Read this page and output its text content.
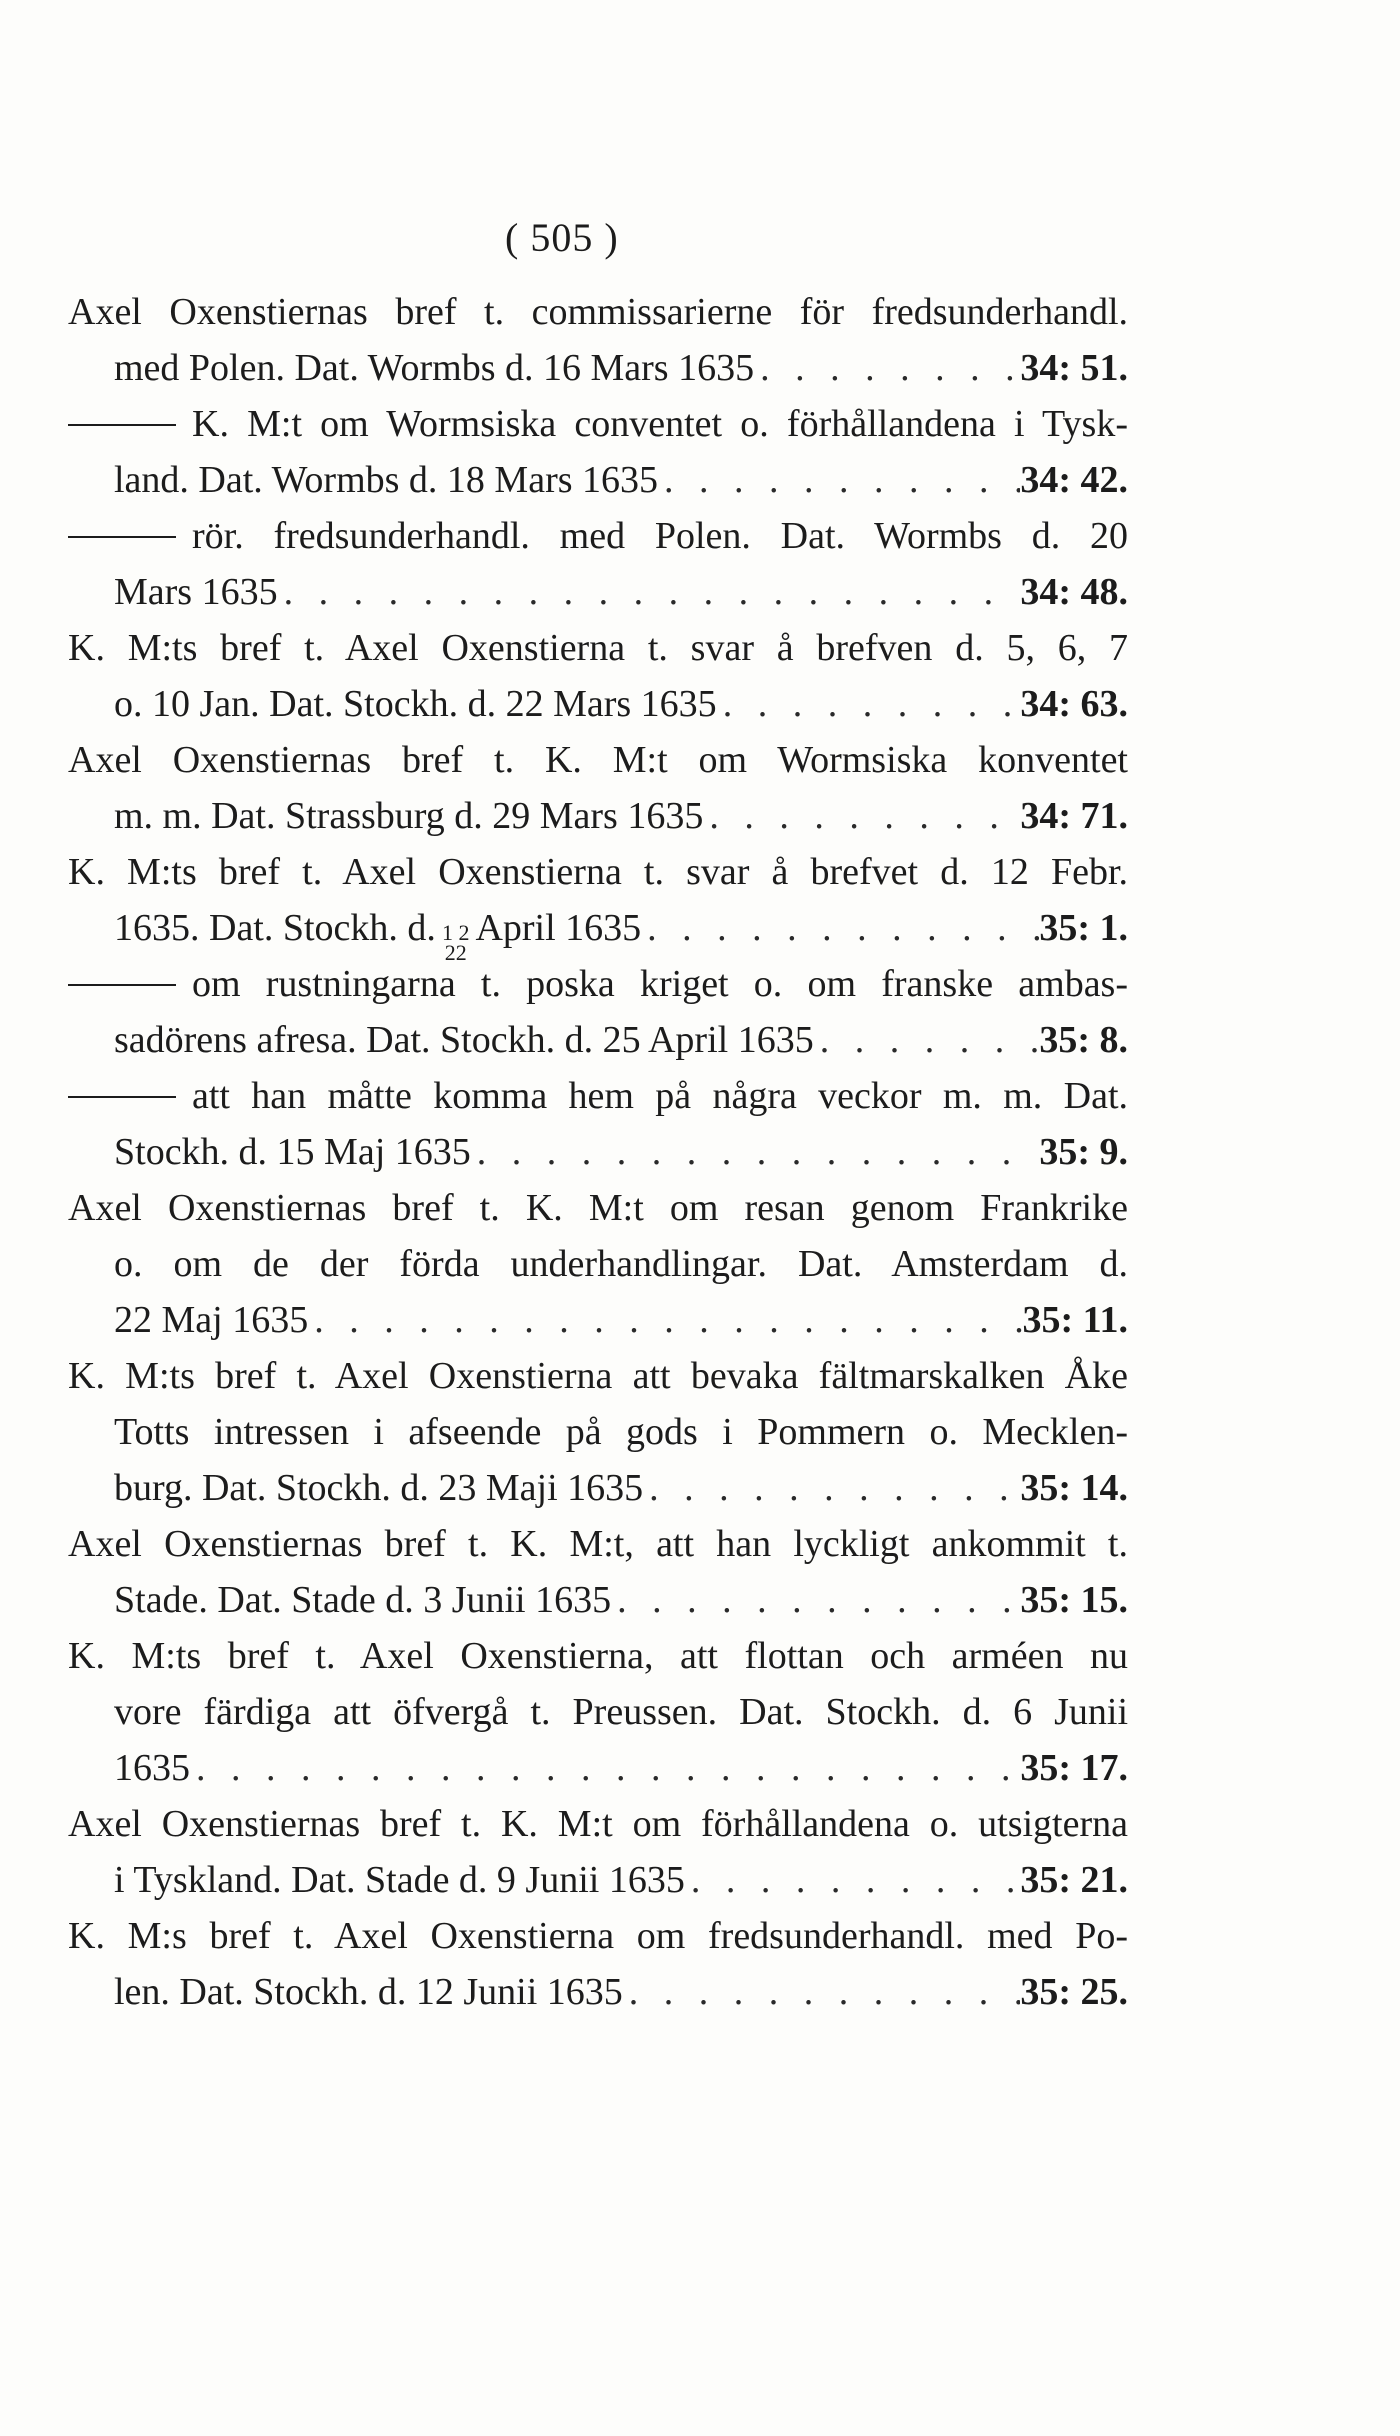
( 505 )
Axel Oxenstiernas bref t. commissarierne för fredsunderhandl.
med Polen. Dat. Wormbs d. 16 Mars 1635 . . .	34: 51.
K. M:t om Wormsiska conventet o. förhållandena i Tysk-
land. Dat. Wormbs d. 18 Mars 1635 . . .	34: 42.
rör. fredsunderhandl. med Polen. Dat. Wormbs d. 20
Mars 1635 . . .	34: 48.
K. M:ts bref t. Axel Oxenstierna t. svar å brefven d. 5, 6, 7
o. 10 Jan. Dat. Stockh. d. 22 Mars 1635 . . .	34: 63.
Axel Oxenstiernas bref t. K. M:t om Wormsiska konventet
m. m. Dat. Strassburg d. 29 Mars 1635 . . .	34: 71.
K. M:ts bref t. Axel Oxenstierna t. svar å brefvet d. 12 Febr.
1635. Dat. Stockh. d. 1 2
22
April 1635 . . .	35: 1.
om rustningarna t. poska kriget o. om franske ambas-
sadörens afresa. Dat. Stockh. d. 25 April 1635 . . .	35: 8.
att han måtte komma hem på några veckor m. m. Dat.
Stockh. d. 15 Maj 1635 . . .	35: 9.
Axel Oxenstiernas bref t. K. M:t om resan genom Frankrike
o. om de der förda underhandlingar. Dat. Amsterdam d.
22 Maj 1635 . . .	35: 11.
K. M:ts bref t. Axel Oxenstierna att bevaka fältmarskalken Åke
Totts intressen i afseende på gods i Pommern o. Mecklen-
burg. Dat. Stockh. d. 23 Maji 1635 . . .	35: 14.
Axel Oxenstiernas bref t. K. M:t, att han lyckligt ankommit t.
Stade. Dat. Stade d. 3 Junii 1635 . . .	35: 15.
K. M:ts bref t. Axel Oxenstierna, att flottan och arméen nu
vore färdiga att öfvergå t. Preussen. Dat. Stockh. d. 6 Junii
1635 . . .	35: 17.
Axel Oxenstiernas bref t. K. M:t om förhållandena o. utsigterna
i Tyskland. Dat. Stade d. 9 Junii 1635 . . .	35: 21.
K. M:s bref t. Axel Oxenstierna om fredsunderhandl. med Po-
len. Dat. Stockh. d. 12 Junii 1635 . . .	35: 25.
